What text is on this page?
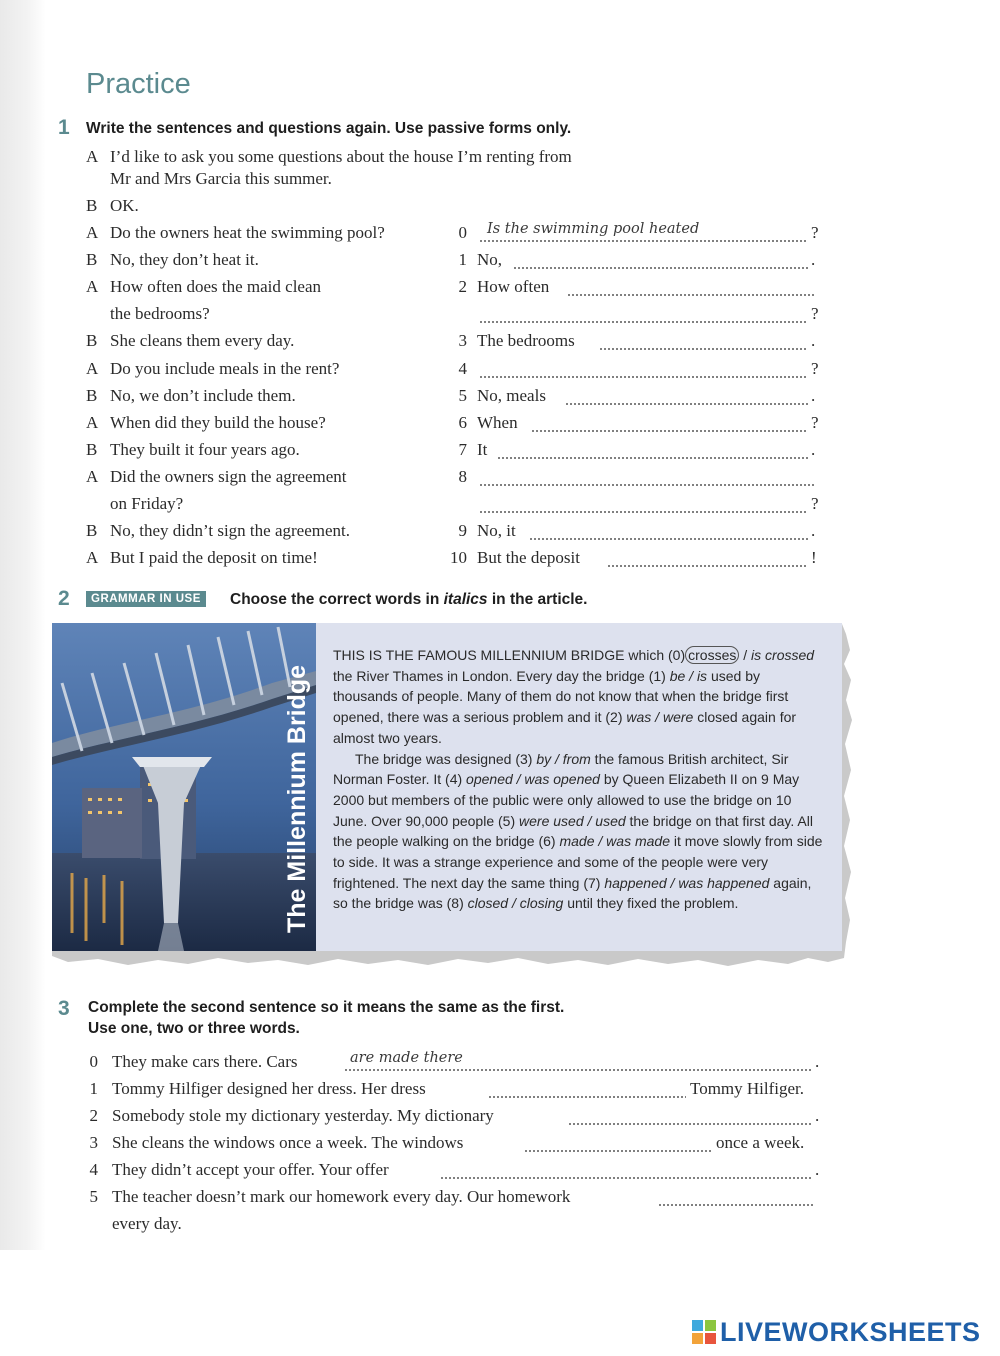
Practice
1 Write the sentences and questions again. Use passive forms only.
A I’d like to ask you some questions about the house I’m renting from
Mr and Mrs Garcia this summer.
B OK.
A Do the owners heat the swimming pool?
B No, they don’t heat it.
A How often does the maid clean
the bedrooms?
B She cleans them every day.
A Do you include meals in the rent?
B No, we don’t include them.
A When did they build the house?
B They built it four years ago.
A Did the owners sign the agreement
on Friday?
B No, they didn’t sign the agreement.
A But I paid the deposit on time!
0 Is the swimming pool heated	?
1 No,	.
2 How often
?
3 The bedrooms	.
4	?
5 No, meals	.
6 When	?
7 It	.
8
?
9 No, it	.
10 But the deposit	!
2	GRAMMAR IN USE	Choose the correct words in italics in the article.
The Millennium Bridge

THIS IS THE FAMOUS MILLENNIUM BRIDGE which (0) crosses / is crossed the River Thames in London. Every day the bridge (1) be / is used by thousands of people. Many of them do not know that when the bridge first opened, there was a serious problem and it (2) was / were closed again for almost two years.

The bridge was designed (3) by / from the famous British architect, Sir Norman Foster. It (4) opened / was opened by Queen Elizabeth II on 9 May 2000 but members of the public were only allowed to use the bridge on 10 June. Over 90,000 people (5) were used / used the bridge on that first day. All the people walking on the bridge (6) made / was made it move slowly from side to side. It was a strange experience and some of the people were very frightened. The next day the same thing (7) happened / was happened again, so the bridge was (8) closed / closing until they fixed the problem.

3 Complete the second sentence so it means the same as the first.
Use one, two or three words.
0 They make cars there. Cars	are made there	.
1 Tommy Hilfiger designed her dress. Her dress	Tommy Hilfiger.
2 Somebody stole my dictionary yesterday. My dictionary	.
3 She cleans the windows once a week. The windows	once a week.
4 They didn’t accept your offer. Your offer	.
5 The teacher doesn’t mark our homework every day. Our homework
every day.
LIVEWORKSHEETS
